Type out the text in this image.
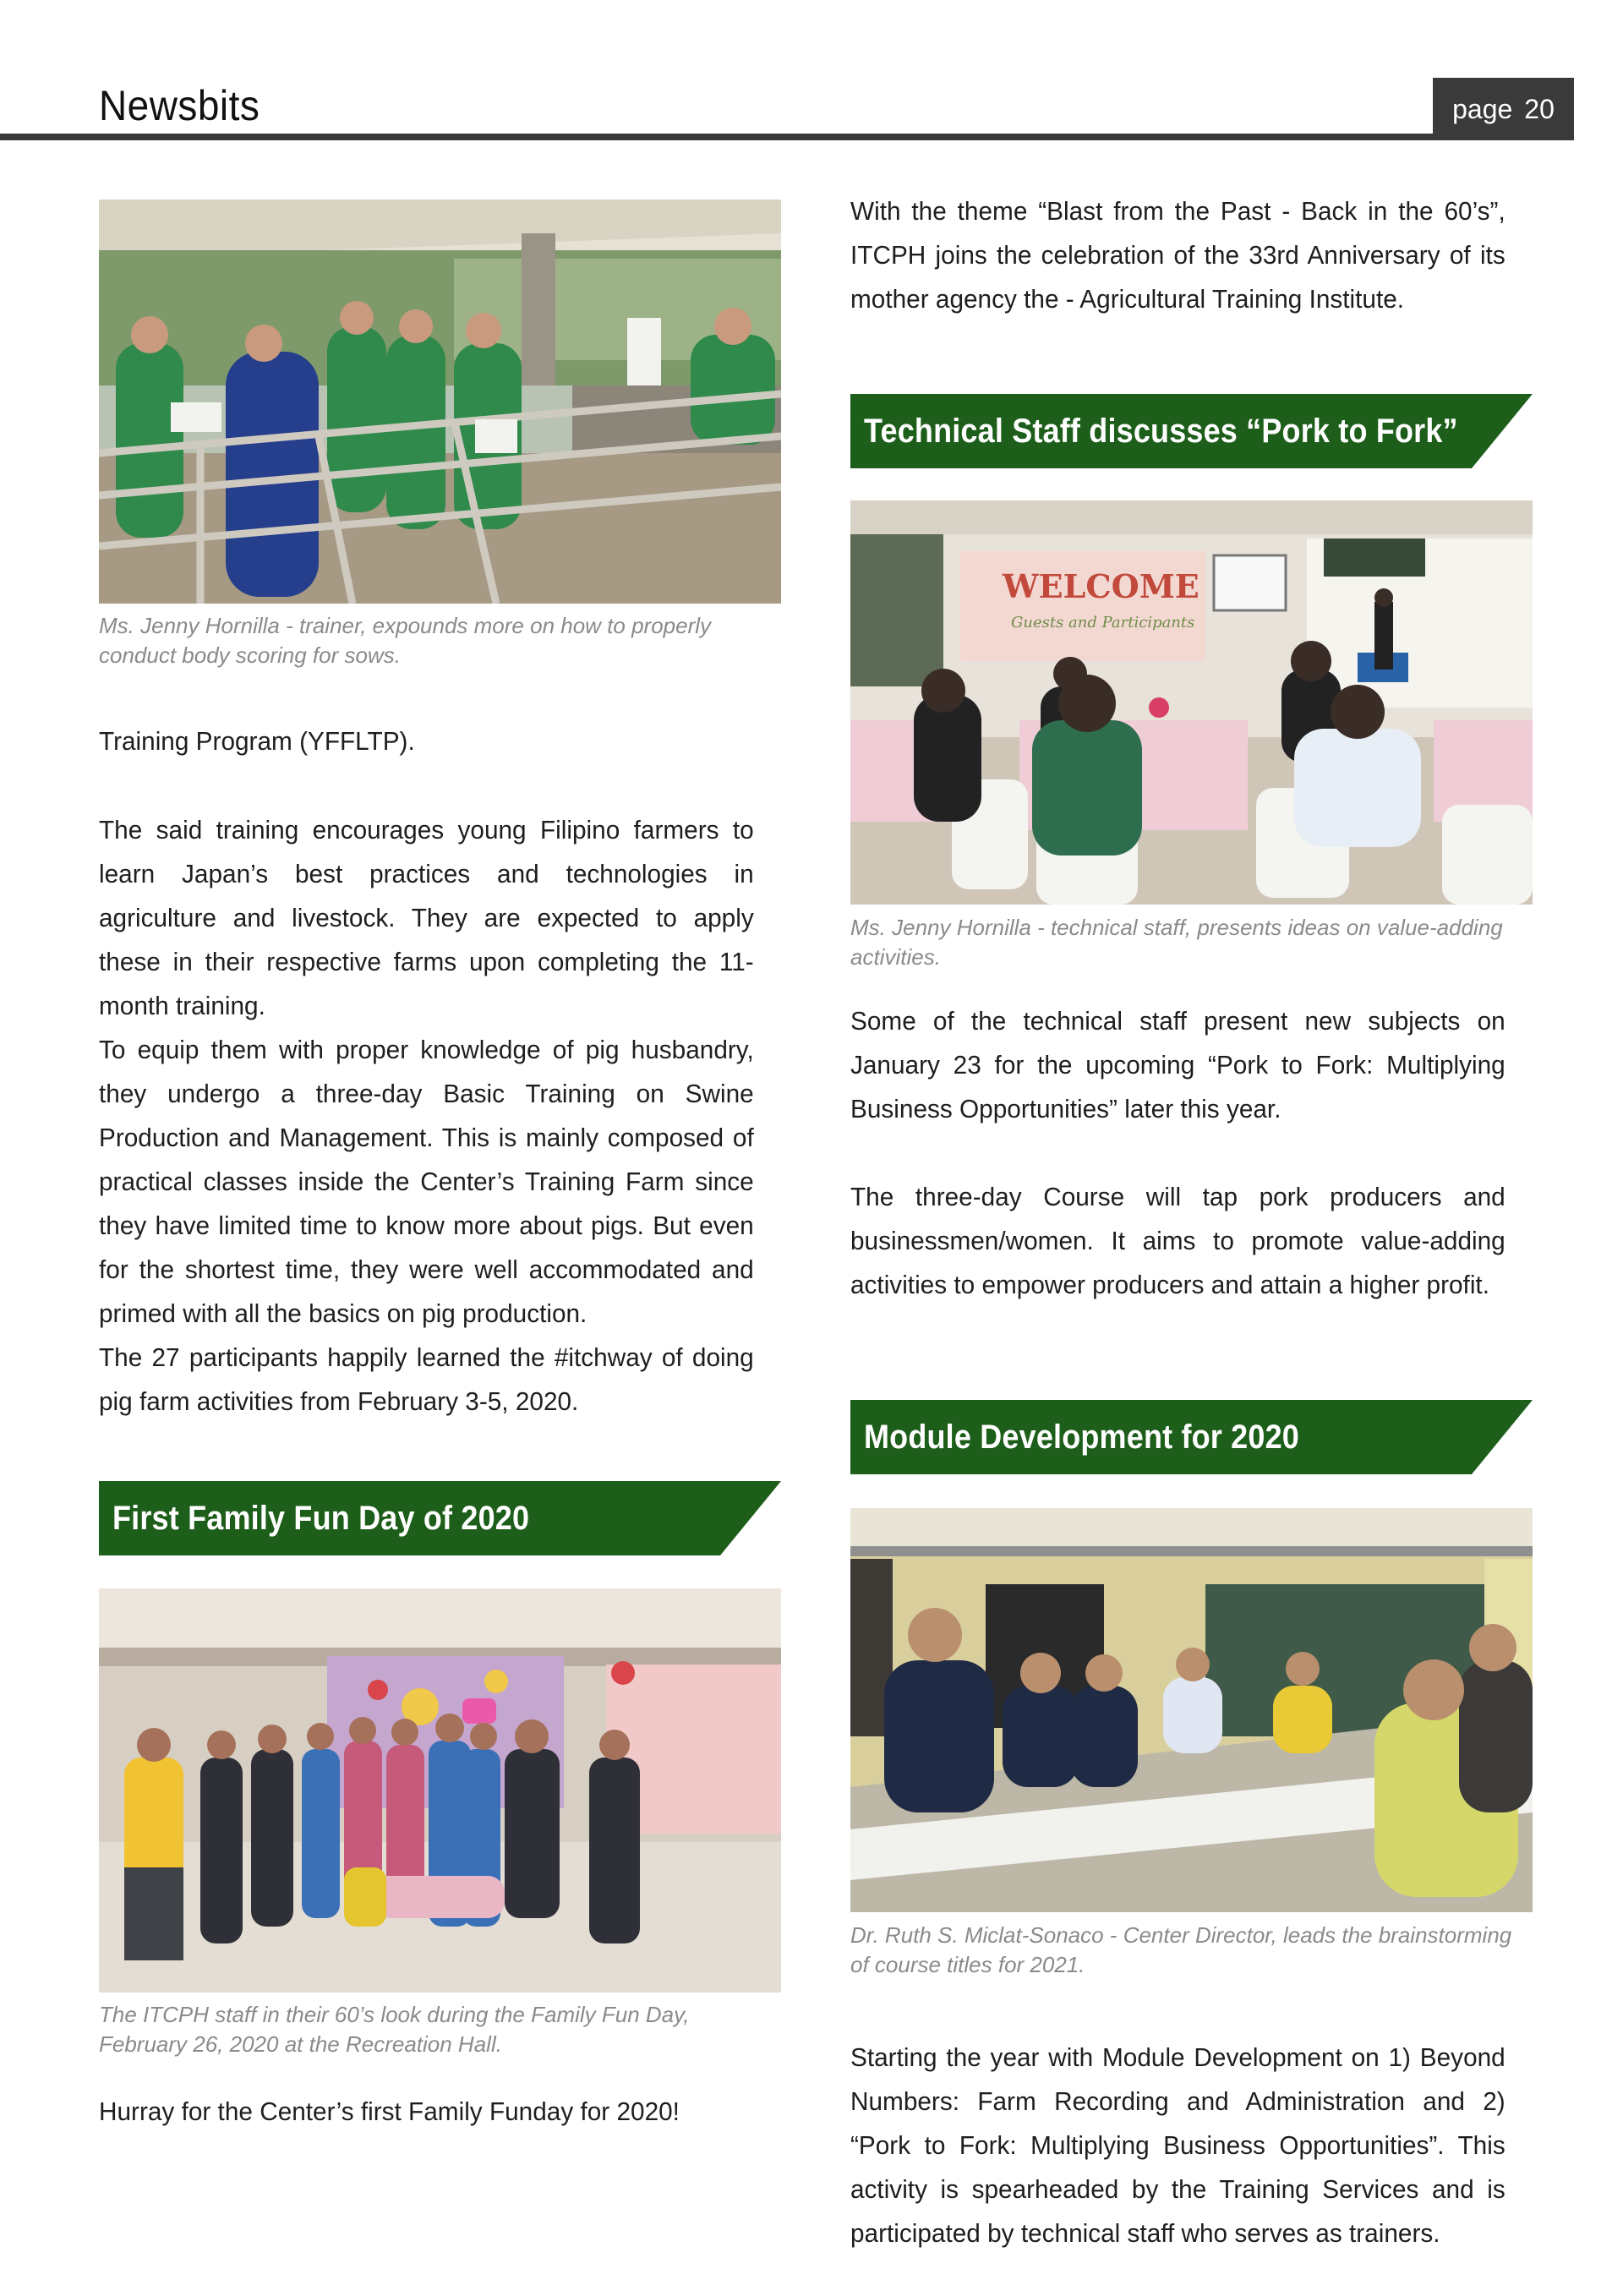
Newsbits	page 20
Ms. Jenny Hornilla - trainer, expounds more on how to properly conduct body scoring for sows.
Training Program (YFFLTP).
The said training encourages young Filipino farmers to learn Japan’s best practices and technologies in agriculture and livestock. They are expected to apply these in their respective farms upon completing the 11-month training.
To equip them with proper knowledge of pig husbandry, they undergo a three-day Basic Training on Swine Production and Management. This is mainly composed of practical classes inside the Center’s Training Farm since they have limited time to know more about pigs. But even for the shortest time, they were well accommodated and primed with all the basics on pig production.
The 27 participants happily learned the #itchway of doing pig farm activities from February 3-5, 2020.
First Family Fun Day of 2020
The ITCPH staff in their 60’s look during the Family Fun Day, February 26, 2020 at the Recreation Hall.
Hurray for the Center’s first Family Funday for 2020!
With the theme “Blast from the Past - Back in the 60’s”, ITCPH joins the celebration of the 33rd Anniversary of its mother agency the - Agricultural Training Institute.
Technical Staff discusses “Pork to Fork”
WELCOME
Guests and Participants
Ms. Jenny Hornilla - technical staff, presents ideas on value-adding activities.
Some of the technical staff present new subjects on January 23 for the upcoming “Pork to Fork: Multiplying Business Opportunities” later this year.
The three-day Course will tap pork producers and businessmen/women. It aims to promote value-adding activities to empower producers and attain a higher profit.
Module Development for 2020
Dr. Ruth S. Miclat-Sonaco - Center Director, leads the brainstorming of course titles for 2021.
Starting the year with Module Development on 1) Beyond Numbers: Farm Recording and Administration and 2) “Pork to Fork: Multiplying Business Opportunities”. This activity is spearheaded by the Training Services and is participated by technical staff who serves as trainers.
